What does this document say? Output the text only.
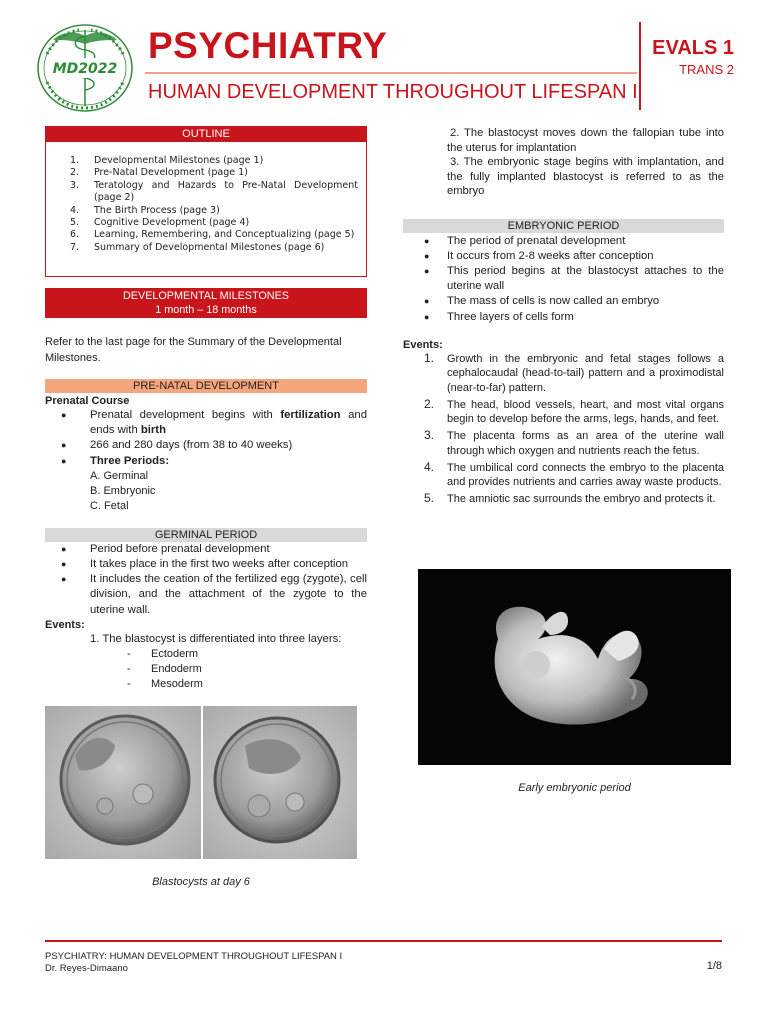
MD2022
PSYCHIATRY
HUMAN DEVELOPMENT THROUGHOUT LIFESPAN I
EVALS 1
TRANS 2
OUTLINE
1.	Developmental Milestones (page 1)
2.	Pre-Natal Development (page 1)
3.	Teratology and Hazards to Pre-Natal Development (page 2)
4.	The Birth Process (page 3)
5.	Cognitive Development (page 4)
6.	Learning, Remembering, and Conceptualizing (page 5)
7.	Summary of Developmental Milestones (page 6)
DEVELOPMENTAL MILESTONES
1 month – 18 months
Refer to the last page for the Summary of the Developmental Milestones.
PRE-NATAL DEVELOPMENT
Prenatal Course
● Prenatal development begins with fertilization and ends with birth
● 266 and 280 days (from 38 to 40 weeks)
● Three Periods:
A. Germinal
B. Embryonic
C. Fetal
GERMINAL PERIOD
● Period before prenatal development
● It takes place in the first two weeks after conception
● It includes the ceation of the fertilized egg (zygote), cell division, and the attachment of the zygote to the uterine wall.
Events:
1. The blastocyst is differentiated into three layers:
-	Ectoderm
-	Endoderm
-	Mesoderm
Blastocysts at day 6

2. The blastocyst moves down the fallopian tube into the uterus for implantation

3. The embryonic stage begins with implantation, and the fully implanted blastocyst is referred to as the embryo

EMBRYONIC PERIOD
● The period of prenatal development
● It occurs from 2-8 weeks after conception
● This period begins at the blastocyst attaches to the uterine wall
● The mass of cells is now called an embryo
● Three layers of cells form
Events:
1.	Growth in the embryonic and fetal stages follows a cephalocaudal (head-to-tail) pattern and a proximodistal (near-to-far) pattern.
2.	The head, blood vessels, heart, and most vital organs begin to develop before the arms, legs, hands, and feet.
3.	The placenta forms as an area of the uterine wall through which oxygen and nutrients reach the fetus.
4.	The umbilical cord connects the embryo to the placenta and provides nutrients and carries away waste products.
5.	The amniotic sac surrounds the embryo and protects it.
Early embryonic period
PSYCHIATRY: HUMAN DEVELOPMENT THROUGHOUT LIFESPAN I
Dr. Reyes-Dimaano	1/8
